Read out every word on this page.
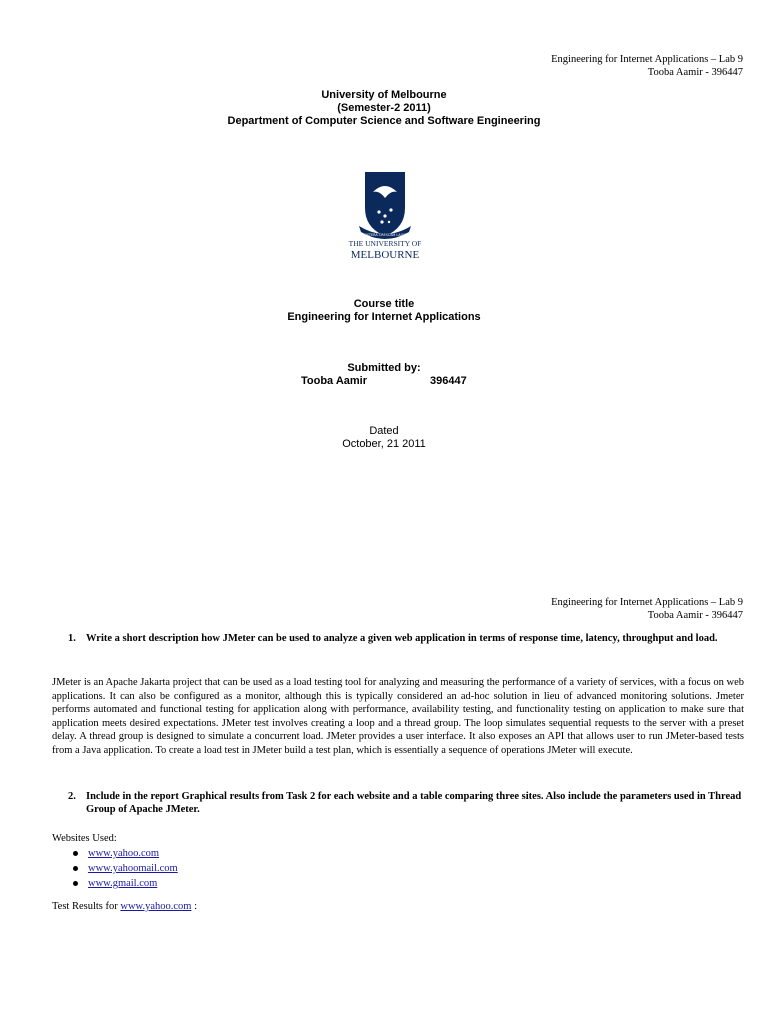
Engineering for Internet Applications – Lab 9
Tooba Aamir - 396447
University of Melbourne
(Semester-2 2011)
Department of Computer Science and Software Engineering
POSTERA CRESCAM LAUDE
THE UNIVERSITY OF
MELBOURNE
Course title
Engineering for Internet Applications
Submitted by:
Tooba Aamir	396447
Dated
October, 21 2011
Engineering for Internet Applications – Lab 9
Tooba Aamir - 396447
1. Write a short description how JMeter can be used to analyze a given web application in terms of response time, latency, throughput and load.
JMeter is an Apache Jakarta project that can be used as a load testing tool for analyzing and measuring the performance of a variety of services, with a focus on web applications. It can also be configured as a monitor, although this is typically considered an ad-hoc solution in lieu of advanced monitoring solutions. Jmeter performs automated and functional testing for application along with performance, availability testing, and functionality testing on application to make sure that application meets desired expectations. JMeter test involves creating a loop and a thread group. The loop simulates sequential requests to the server with a preset delay. A thread group is designed to simulate a concurrent load. JMeter provides a user interface. It also exposes an API that allows user to run JMeter-based tests from a Java application. To create a load test in JMeter build a test plan, which is essentially a sequence of operations JMeter will execute.
2. Include in the report Graphical results from Task 2 for each website and a table comparing three sites. Also include the parameters used in Thread Group of Apache JMeter.
Websites Used:
www.yahoo.com
www.yahoomail.com
www.gmail.com
Test Results for www.yahoo.com :
